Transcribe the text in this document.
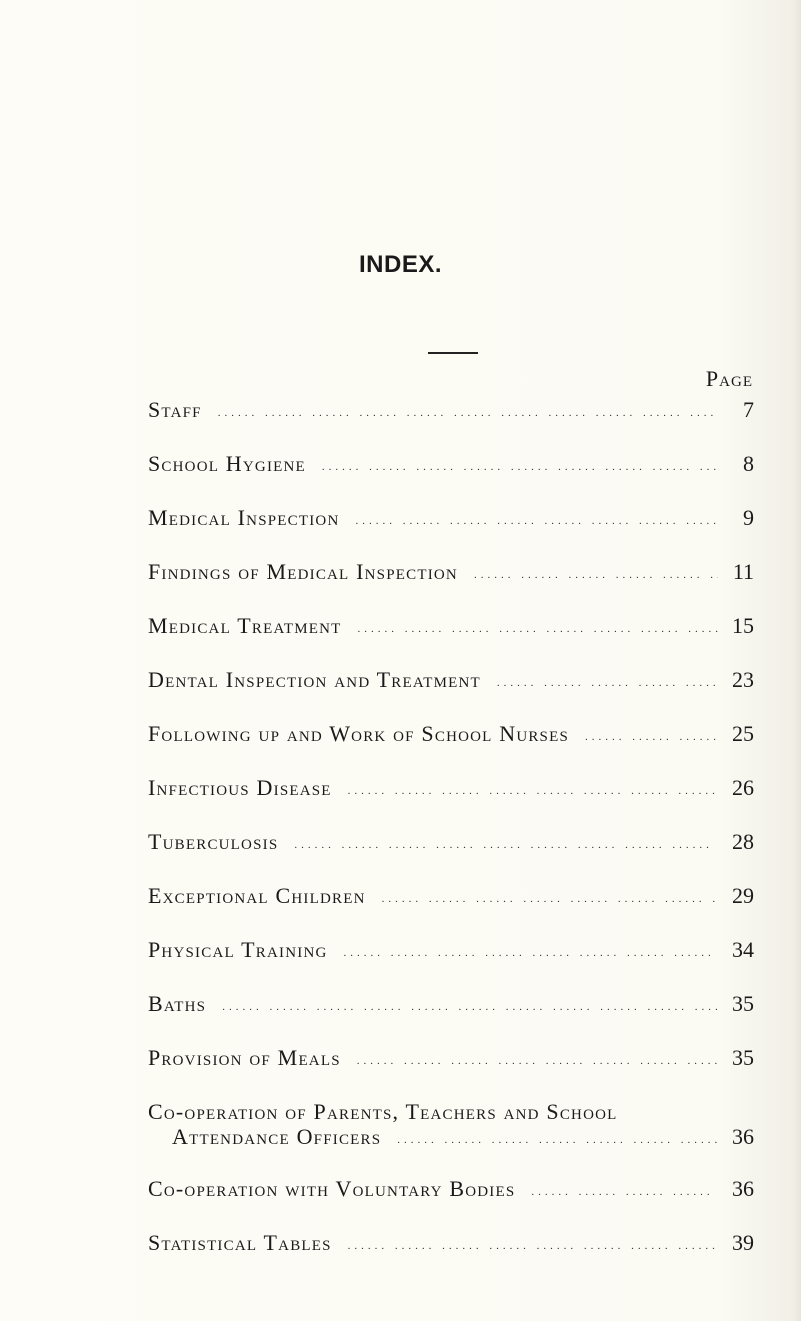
INDEX.
Page
Staff .....	7
School Hygiene .....	8
Medical Inspection .....	9
Findings of Medical Inspection .....	11
Medical Treatment .....	15
Dental Inspection and Treatment .....	23
Following up and Work of School Nurses .....	25
Infectious Disease .....	26
Tuberculosis .....	28
Exceptional Children .....	29
Physical Training .....	34
Baths .....	35
Provision of Meals .....	35
Co-operation of Parents, Teachers and School
Attendance Officers .....	36
Co-operation with Voluntary Bodies .....	36
Statistical Tables .....	39
